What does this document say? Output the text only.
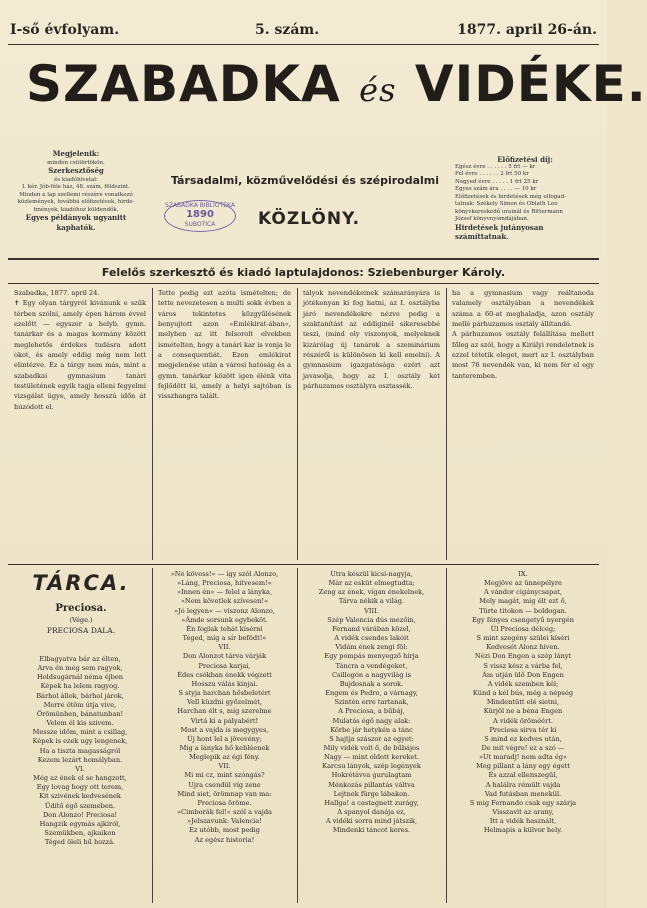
I-ső évfolyam.	5. szám.	1877. april 26-án.
SZABADKA és VIDÉKE.
Megjelenik:
minden csütörtökön.
Szerkesztőség
és kiadóhivatal:
I. kér. Jób-féle ház, 48. szám, földszint.
Minden a lap szellemi részére vonatkozó
közlemények, továbbá előfizetések, hirde-
tmények, kiadóhoz küldendők.
Egyes példányok ugyanitt kaphatók.
Előfizetési díj:
Egész évre . . . . . . 5 frt — kr
Fél évre . . . . . . 2 frt 50 kr
Negyed évre . . . . . 1 frt 25 kr
Egyes szám ára . . . . — 10 kr
Előfizetések és hirdetések még elfogad-
tatnak: Székely Simon és Oblath Leo
könyvkereskedő urainál és Bittermann
József könyvnyomdájában.
Hirdetések jutányosan számíttatnak.
Társadalmi, közművelődési és szépirodalmi
SZABADKA BIBLIOTEKA
1890
SUBOTICA	KÖZLÖNY.
Felelős szerkesztő és kiadó laptulajdonos: Sziebenburger Károly.
Szabadka, 1877. april 24.
✝ Egy olyan tárgyról kivánunk e szűk térben szólni, amely épen három évvel ezelőtt — egyszer a helyb. gymn. tanárkar és a magas kormány között meglehetős érdekes tudásra adott okot, és amely eddig még nem lett elintézve. Ez a tárgy nem más, mint a szabadkai gymnasium tanári testületének egyik tagja elleni fegyelmi vizsgálat ügye, amely hosszú időn át húzódott el.
Tette pedig ezt azóta ismételten; de tette nevezetesen a multi sokk évben a város tekintetes közgyűlésének benyujtott azon »Emlékirat-ában«, melyben az itt felsorolt elvekben ismételten, hogy a tanári kar is vonja le a consequentiát. Ezen emlékirat megjelenése után a városi hatóság és a gymn. tanárkar között igen élénk vita fejlődött ki, amely a helyi sajtóban is visszhangra talált.
tályok nevendékeinek számarányára is jótékonyan ki fog hatni, az I. osztályba járó nevendékekre nézve pedig a szaktanítást az eddiginél sikeresebbé teszi, (mind oly viszonyok, melyeknek kizárólag új tanárok a szeminárium részéről is különösen ki kell emelni). A gymnasium igazgatósága ezért azt javasolja, hogy az I. osztály két párhuzamos osztályra osztassék.
ha a gymnasium vagy reáltanoda valamely osztályában a nevendékek száma a 60-at meghaladja, azon osztály mellé párhuzamos osztály állítandó.
A párhuzamos osztály felállítása mellett főleg az szól, hogy a Királyi rendeletnek is ezzel tétetik eleget, mert az I. osztályban most 76 nevendék van, ki nem fér el egy tanteremben.
TÁRCA.
Preciosa.
(Vége.)
PRECIOSA DALA.
Elbagyatva bár az élten,
Arva én még sem ragyok,
Holdsugárnál néma éjben
Képek ha lelem ragyog.
Bárhol állok, bárhol járok,
Merre ötöm útja vive,
Örömünben, bánatunban!
Velem él kis szivem.
Messze időm, mint a csillag,
Képek is ezek ugy lengenek,
Ha a tiszta magasságról
Kezem lezárt homályban.
VI.
Még az ének el se hangzott,
Egy lovag hogy ott terem,
Kit szivének kedvesének
Üdítő égő szemében.
Don Alonzo! Preciosa!
Hangzik egymás ajkiról,
Szemükben, ajkaikon
Téged öleli hű hozzá.
»Ne kövess!« — így szól Alonzo,
»Láng, Preciosa, hitvesem!«
»Innen én« — felel a lányka,
»Nem követlek szívesen!«
»Jó legyen« — viszonz Alonzo,
»Ámde sorsunk egybeköt.
Én foglak tehát kísérni
Téged, míg a sír befödt!«
VII.
Don Alonzot tárva várják
Preciosa karjai,
Édes csókban énekk végzett
Hosszu válás kinjai.
S styja harchan hősbeletért
Vell küzdni győzelmét,
Harchan élt s, míg szerelme
Virtá ki a pályabért!
Most a vajda is megygyes,
Új hont lel a jövevény;
Mig a lányka hő kebléenek
Meglepik az égi fény.
VII.
Mi mi cz, mint szóngás?
Ujra csendül víg zene
Mind siet, örömnap van ma:
Preciosa öröme.
»Cimborák fel!« szól a vajda
»Jelszavunk: Valencia!
Ez utóbb, most pedig
Az egész historia!
Utra készül kicsi-nagyja,
Már az esküt elmegtudta;
Zeng az ének, vígan énekelnek,
Tárva nékik a világ.
VIII.
Szép Valencia dús mezőin,
Fernand várában közel,
A vidék csendes lakóit
Vidám ének zengi föl:
Egy pompás menyegző hírja
Táncra a vendégeket,
Csillogón a nagyvilág is
Bujdosnak a sorok.
Engem és Pedro, a várnagy,
Szintén erre tartanak,
A Preciosa, a bűbáj,
Mulatás égő nagy alak:
Körbe jár hetykén a tánc
S hajtja szászor az egyet:
Mily vidék volt ő, de bűbájos
Nagy — mint oldott kereket.
Karcsu lányok, szép legények
Hokrétávva gurulagtam
Ménkozás pillantás váltva
Lejtnek fürge lábakon.
Hallga! a castagnett zurágy,
A spanyol danája ez,
A vidéki sorra mind játszik,
Mindenki táncot keres.
IX.
Megjöve az ünnepélyre
A vándor cigánycsapat,
Mely magát, mig élt ezt ő,
Türte titokon — boldogan.
Egy fényes csengetyű nyergén
Ül Preciosa délceg;
S mint szegény szülei kíséri
Kedvesét Alonz hiven.
Nézi Don Engen a szép lányt
S vissz kész a várba fel,
Ám utján ülő Don Engen
A vidék szemben kél;
Künd a kél bús, még a népség
Mindentütt elé sietni,
Kürjöl ne a béna Engen
A vidék öröméért.
Preciosa sirva tér ki
S mind ez kedves után,
De mit végre! ez a szó —
»Ut maradj! nem adta ég«
Meg pillant a lány egy égett
És azzal ellenszegül,
A halálra rémült vajda
Vad futásban menekül.
S mig Fernando csak egy szárja
Visszavit az arany,
Itt a vidék használt,
Helmapis a külvor hely.
